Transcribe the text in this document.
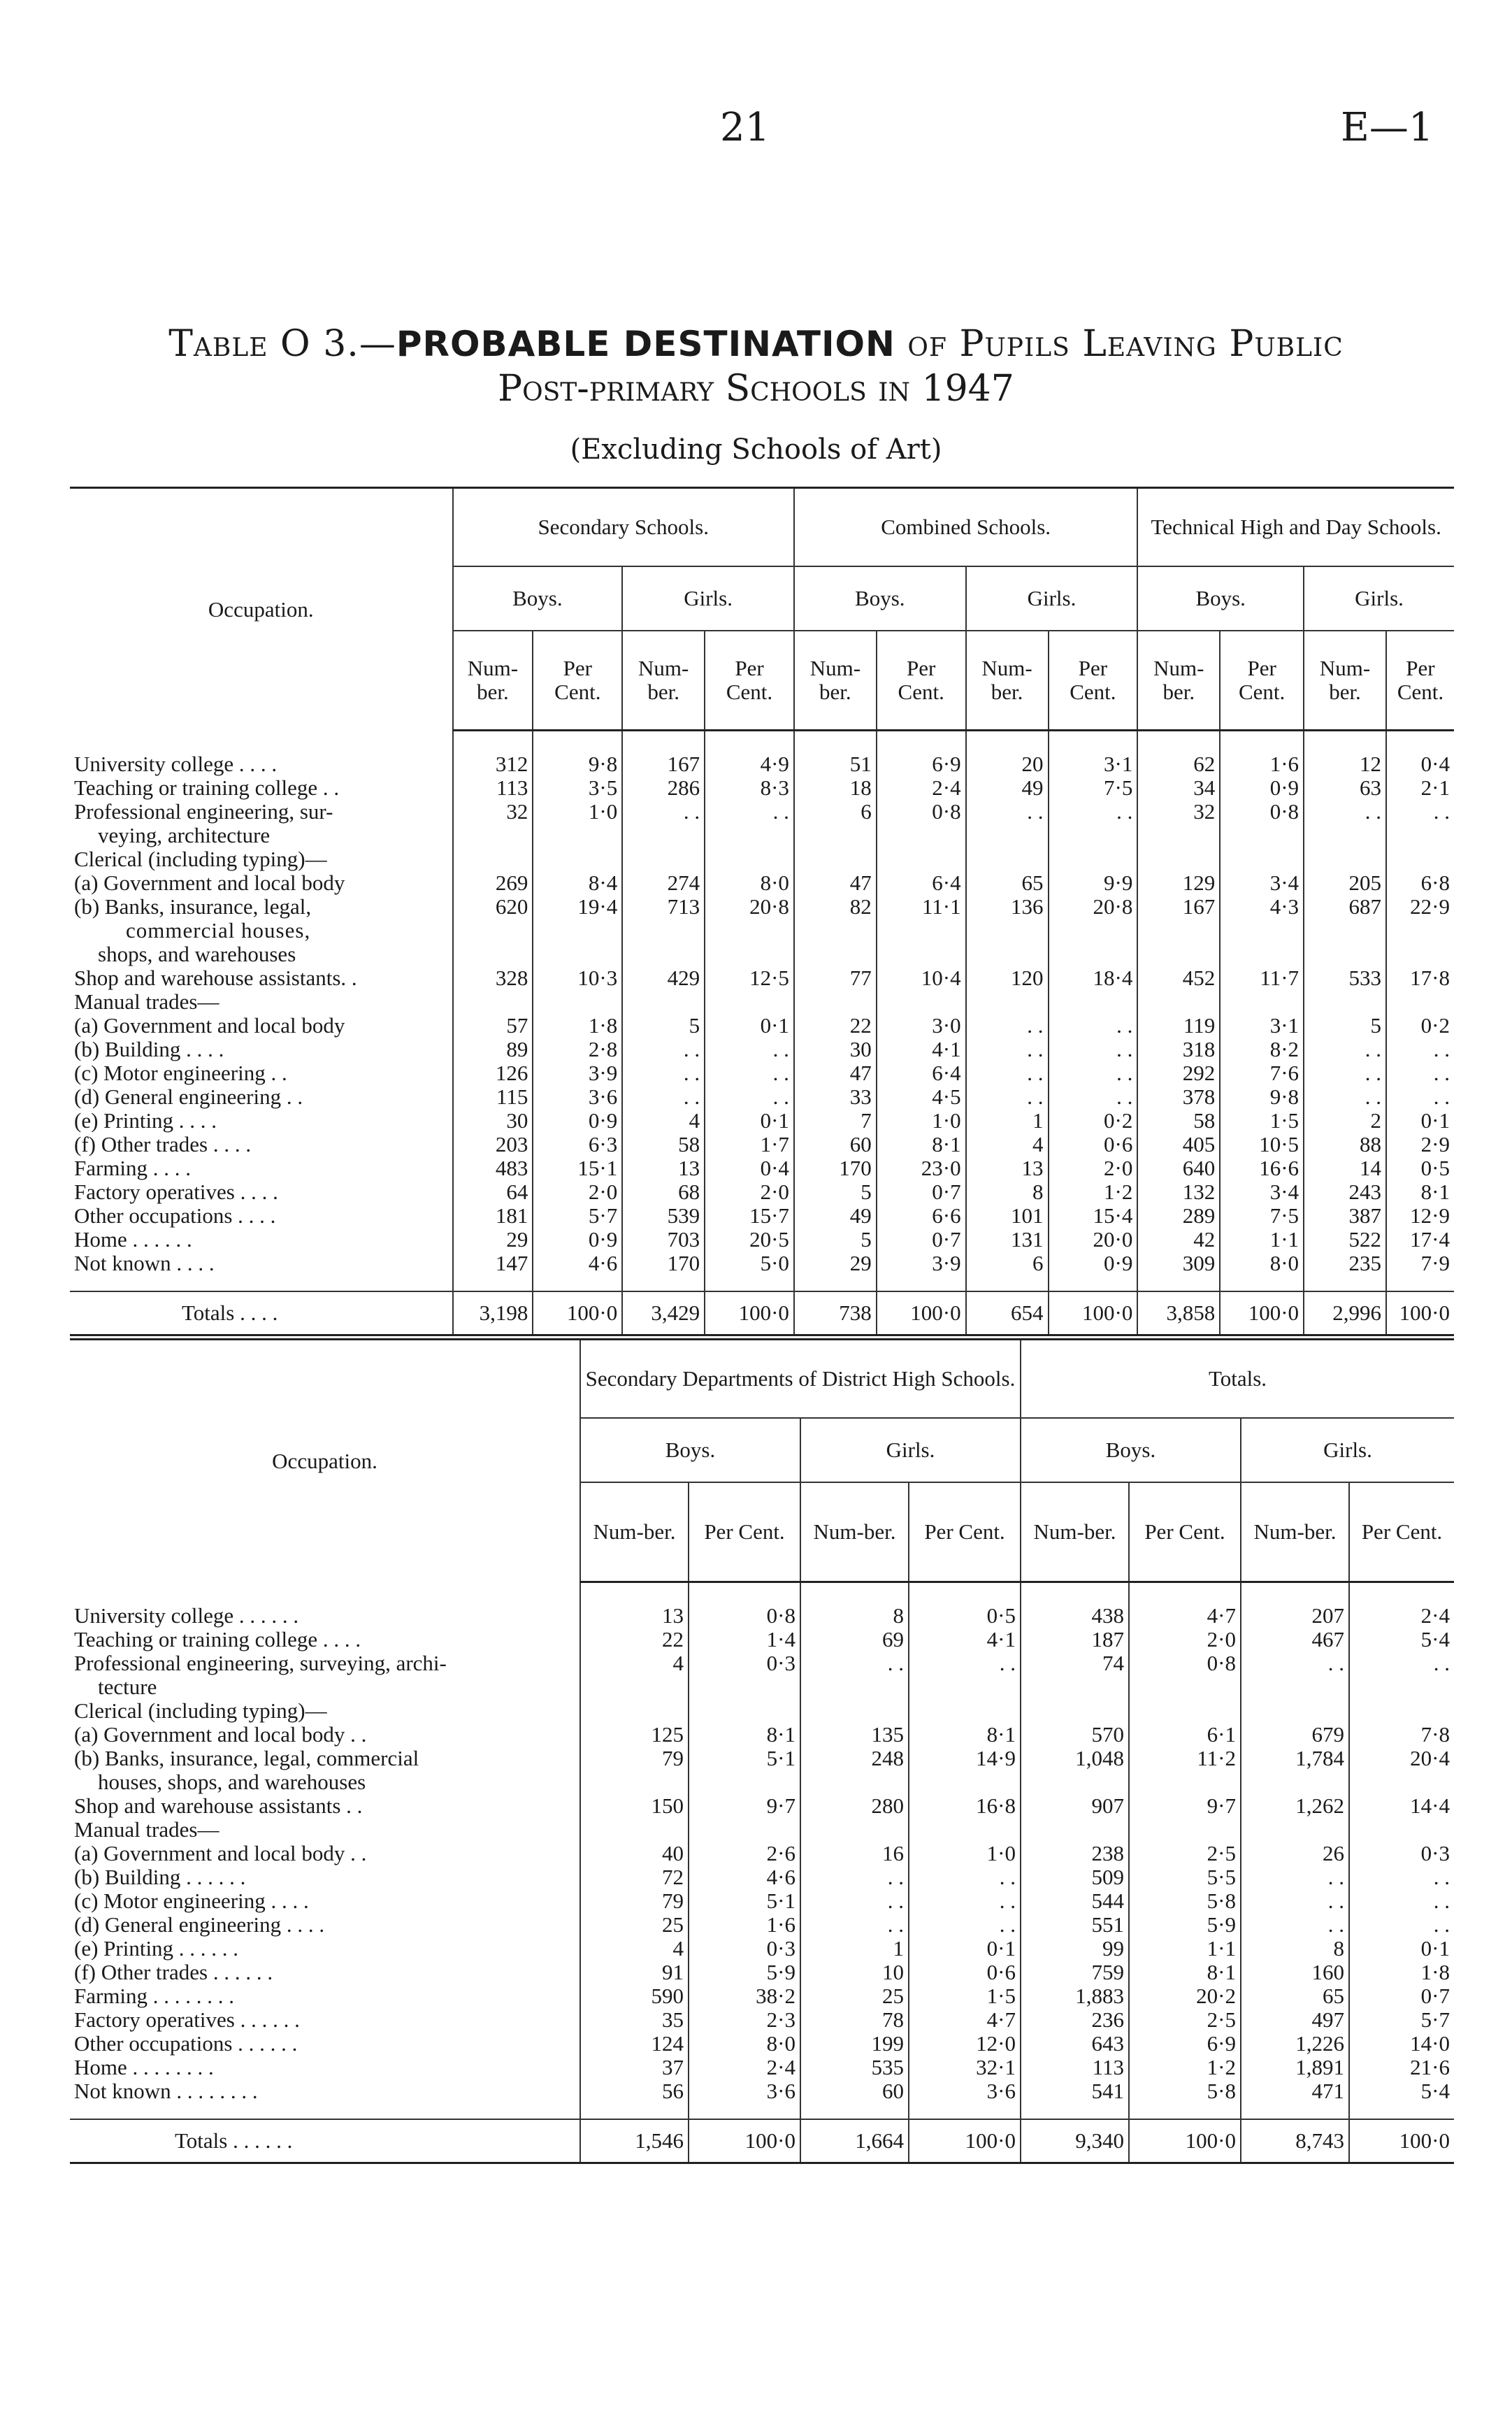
21	E—1
Table O 3.—PROBABLE DESTINATION of Pupils Leaving Public
Post-primary Schools in 1947
(Excluding Schools of Art)
Occupation.	Secondary Schools.				Combined Schools.				Technical High and Day Schools.			
	Boys.		Girls.		Boys.		Girls.		Boys.		Girls.	
	Num-ber.	Per Cent.	Num-ber.	Per Cent.	Num-ber.	Per Cent.	Num-ber.	Per Cent.	Num-ber.	Per Cent.	Num-ber.	Per Cent.

University college . . . .	312	9·8	167	4·9	51	6·9	20	3·1	62	1·6	12	0·4
Teaching or training college . .	113	3·5	286	8·3	18	2·4	49	7·5	34	0·9	63	2·1
Professional engineering, sur-	32	1·0	. .	. .	6	0·8	. .	. .	32	0·8	. .	. .
veying, architecture												
Clerical (including typing)—												
(a) Government and local body	269	8·4	274	8·0	47	6·4	65	9·9	129	3·4	205	6·8
(b) Banks, insurance, legal,	620	19·4	713	20·8	82	11·1	136	20·8	167	4·3	687	22·9
commercial houses,												
shops, and warehouses												
Shop and warehouse assistants. .	328	10·3	429	12·5	77	10·4	120	18·4	452	11·7	533	17·8
Manual trades—												
(a) Government and local body	57	1·8	5	0·1	22	3·0	. .	. .	119	3·1	5	0·2
(b) Building . . . .	89	2·8	. .	. .	30	4·1	. .	. .	318	8·2	. .	. .
(c) Motor engineering . .	126	3·9	. .	. .	47	6·4	. .	. .	292	7·6	. .	. .
(d) General engineering . .	115	3·6	. .	. .	33	4·5	. .	. .	378	9·8	. .	. .
(e) Printing . . . .	30	0·9	4	0·1	7	1·0	1	0·2	58	1·5	2	0·1
(f) Other trades . . . .	203	6·3	58	1·7	60	8·1	4	0·6	405	10·5	88	2·9
Farming . . . .	483	15·1	13	0·4	170	23·0	13	2·0	640	16·6	14	0·5
Factory operatives . . . .	64	2·0	68	2·0	5	0·7	8	1·2	132	3·4	243	8·1
Other occupations . . . .	181	5·7	539	15·7	49	6·6	101	15·4	289	7·5	387	12·9
Home . . . . . .	29	0·9	703	20·5	5	0·7	131	20·0	42	1·1	522	17·4
Not known . . . .	147	4·6	170	5·0	29	3·9	6	0·9	309	8·0	235	7·9

Totals . . . .	3,198	100·0	3,429	100·0	738	100·0	654	100·0	3,858	100·0	2,996	100·0
Occupation.	Secondary Departments of District High Schools.				Totals.			
	Boys.		Girls.		Boys.		Girls.	
	Num-ber.	Per Cent.	Num-ber.	Per Cent.	Num-ber.	Per Cent.	Num-ber.	Per Cent.

University college . . . . . .	13	0·8	8	0·5	438	4·7	207	2·4
Teaching or training college . . . .	22	1·4	69	4·1	187	2·0	467	5·4
Professional engineering, surveying, archi-	4	0·3	. .	. .	74	0·8	. .	. .
tecture								
Clerical (including typing)—								
(a) Government and local body . .	125	8·1	135	8·1	570	6·1	679	7·8
(b) Banks, insurance, legal, commercial	79	5·1	248	14·9	1,048	11·2	1,784	20·4
houses, shops, and warehouses								
Shop and warehouse assistants . .	150	9·7	280	16·8	907	9·7	1,262	14·4
Manual trades—								
(a) Government and local body . .	40	2·6	16	1·0	238	2·5	26	0·3
(b) Building . . . . . .	72	4·6	. .	. .	509	5·5	. .	. .
(c) Motor engineering . . . .	79	5·1	. .	. .	544	5·8	. .	. .
(d) General engineering . . . .	25	1·6	. .	. .	551	5·9	. .	. .
(e) Printing . . . . . .	4	0·3	1	0·1	99	1·1	8	0·1
(f) Other trades . . . . . .	91	5·9	10	0·6	759	8·1	160	1·8
Farming . . . . . . . .	590	38·2	25	1·5	1,883	20·2	65	0·7
Factory operatives . . . . . .	35	2·3	78	4·7	236	2·5	497	5·7
Other occupations . . . . . .	124	8·0	199	12·0	643	6·9	1,226	14·0
Home . . . . . . . .	37	2·4	535	32·1	113	1·2	1,891	21·6
Not known . . . . . . . .	56	3·6	60	3·6	541	5·8	471	5·4

Totals . . . . . .	1,546	100·0	1,664	100·0	9,340	100·0	8,743	100·0
